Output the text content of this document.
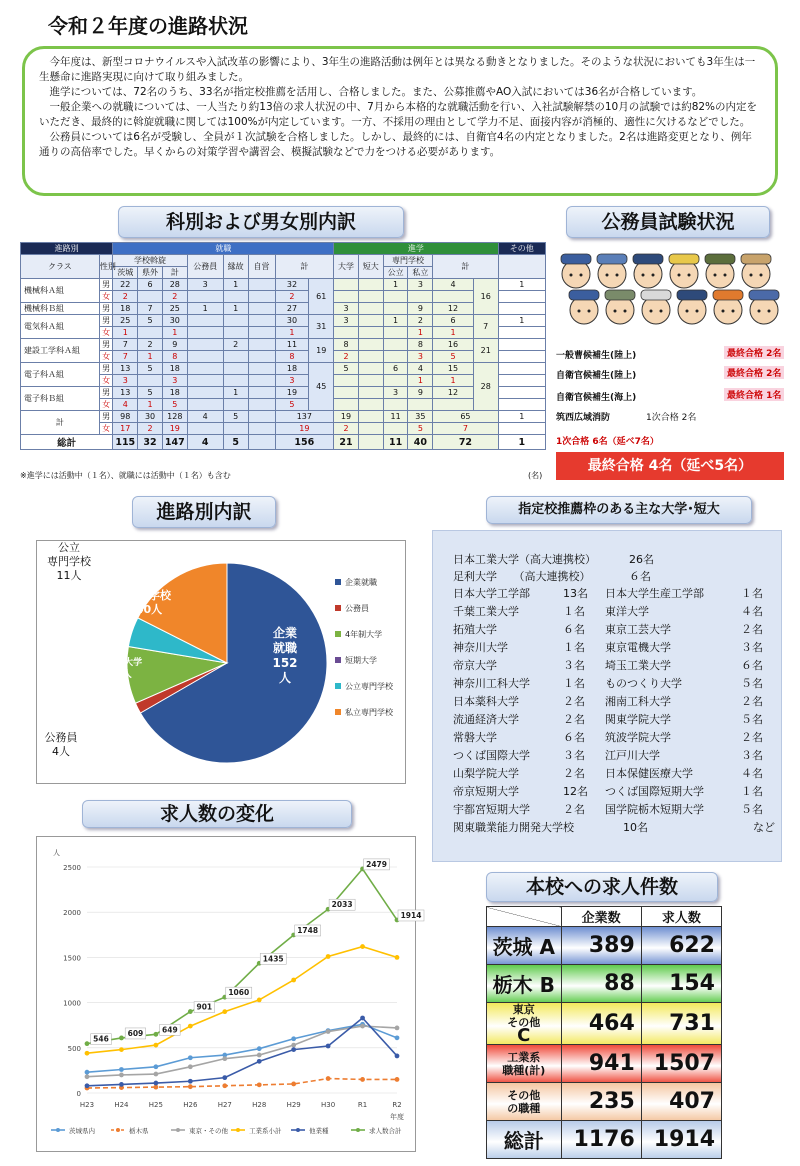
令和２年度の進路状況

今年度は、新型コロナウイルスや入試改革の影響により、3年生の進路活動は例年とは異なる動きとなりました。そのような状況においても3年生は一生懸命に進路実現に向けて取り組みました。

進学については、72名のうち、33名が指定校推薦を活用し、合格しました。また、公募推薦やAO入試においては36名が合格しています。

一般企業への就職については、一人当たり約13倍の求人状況の中、7月から本格的な就職活動を行い、入社試験解禁の10月の試験では約82%の内定をいただき、最終的に斡旋就職に関しては100%が内定しています。一方、不採用の理由として学力不足、面接内容が消極的、適性に欠けるなどでした。

公務員については6名が受験し、全員が１次試験を合格しました。しかし、最終的には、自衛官4名の内定となりました。2名は進路変更となり、例年通りの高倍率でした。早くからの対策学習や講習会、模擬試験などで力をつける必要があります。

科別および男女別内訳	公務員試験状況
進路別		就職								進学						その他
クラス	性別	学校斡旋			公務員	縁故	自営	計		大学	短大	専門学校		計		
		茨城	県外	計								公立	私立			
機械科Ａ組	男	22	6	28	3	1		32	61			1	3	4	16	1
	女	2		2				2								
機械科Ｂ組	男	18	7	25	1	1		27		3			9	12		
電気科Ａ組	男	25	5	30				30	31	3		1	2	6	7	1
	女	1		1				1					1	1		
建設工学科Ａ組	男	7	2	9		2		11	19	8			8	16	21	
	女	7	1	8				8		2			3	5		
電子科Ａ組	男	13	5	18				18	45	5		6	4	15	28	
	女	3		3				3					1	1		
電子科Ｂ組	男	13	5	18		1		19				3	9	12		
	女	4	1	5				5								
計	男	98	30	128	4	5		137		19		11	35	65		1
	女	17	2	19				19		2			5	7		
総計		115	32	147	4	5		156		21		11	40	72		1
※進学には活動中（１名）、就職には活動中（１名）も含む	(名)
一般曹候補生(陸上)	最終合格 2名
自衛官候補生(陸上)	最終合格 2名
自衛官候補生(海上)	最終合格 1名
筑西広域消防	1次合格 2名
1次合格 6名（延べ7名）
最終合格 4名（延べ5名）
進路別内訳	指定校推薦枠のある主な大学･短大
企業就職 152 人
私立専門学校 40人
4年制大学 21人
公立専門学校 11人
公務員 4人
企業就職
公務員
4年制大学
短期大学
公立専門学校
私立専門学校
日本工業大学（高大連携校）	26名
足利大学　　（高大連携校）	６名
日本大学工学部	13名 日本大学生産工学部	１名
千葉工業大学	１名 東洋大学	４名
拓殖大学	６名 東京工芸大学	２名
神奈川大学	１名 東京電機大学	３名
帝京大学	３名 埼玉工業大学	６名
神奈川工科大学	１名 ものつくり大学	５名
日本薬科大学	２名 湘南工科大学	２名
流通経済大学	２名 関東学院大学	５名
常磐大学	６名 筑波学院大学	２名
つくば国際大学	３名 江戸川大学	３名
山梨学院大学	２名 日本保健医療大学	４名
帝京短期大学	12名 つくば国際短期大学	１名
宇都宮短期大学	２名 国学院栃木短期大学	５名
関東職業能力開発大学校	10名	など
求人数の変化
0
500
1000
1500
2000
2500
人
H23	H24	H25	H26	H27	H28	H29	H30	R1	R2
年度
546
609	649
901
1060
1435
1748
2033
2479
1914
茨城県内	栃木県	東京・その他	工業系小計	他業種	求人数合計
本校への求人件数
	企業数	求人数
茨城 A	389	622
栃木 B	88	154

東京
その他
C	464	731

工業系
職種(計)	941	1507

その他
の職種	235	407
総計	1176	1914
